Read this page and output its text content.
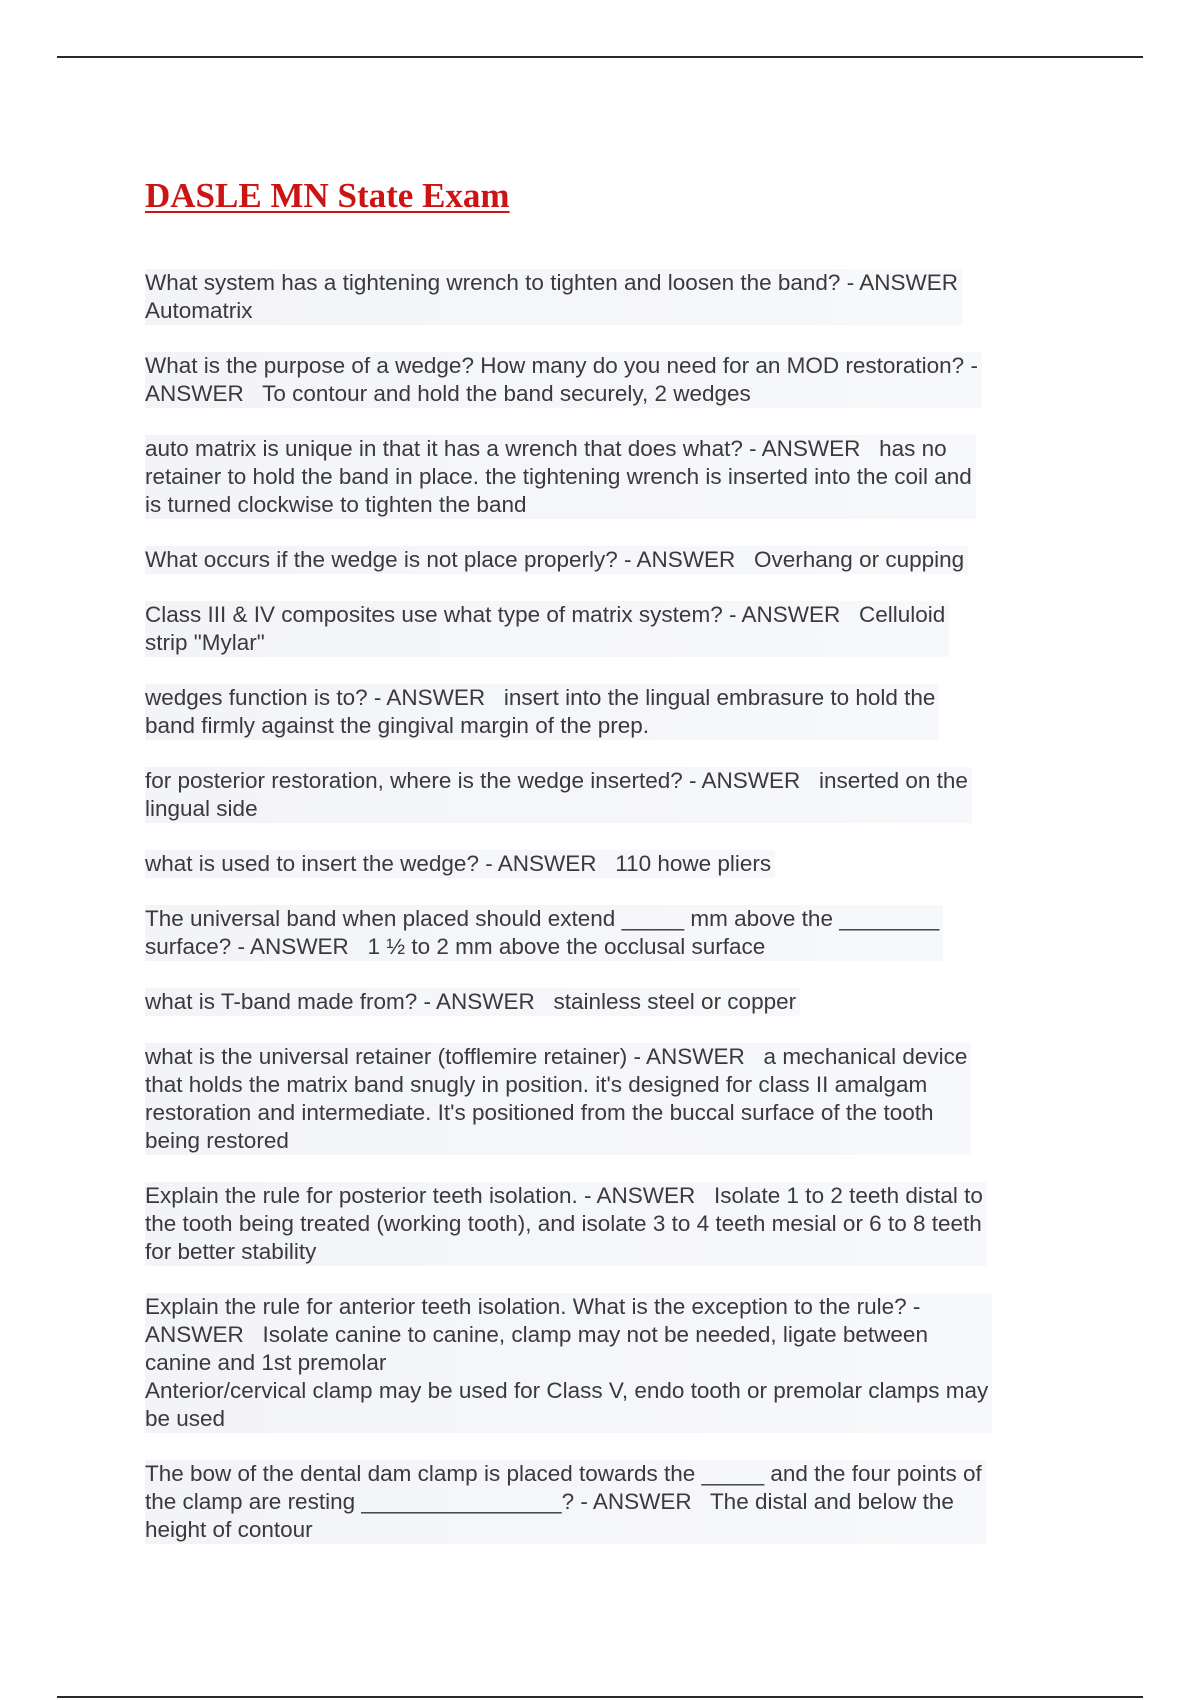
DASLE MN State Exam
What system has a tightening wrench to tighten and loosen the band? - ANSWER
Automatrix
What is the purpose of a wedge? How many do you need for an MOD restoration? -
ANSWER   To contour and hold the band securely, 2 wedges
auto matrix is unique in that it has a wrench that does what? - ANSWER   has no
retainer to hold the band in place. the tightening wrench is inserted into the coil and
is turned clockwise to tighten the band
What occurs if the wedge is not place properly? - ANSWER   Overhang or cupping
Class III & IV composites use what type of matrix system? - ANSWER   Celluloid
strip "Mylar"
wedges function is to? - ANSWER   insert into the lingual embrasure to hold the
band firmly against the gingival margin of the prep.
for posterior restoration, where is the wedge inserted? - ANSWER   inserted on the
lingual side
what is used to insert the wedge? - ANSWER   110 howe pliers
The universal band when placed should extend _____ mm above the ________
surface? - ANSWER   1 ½ to 2 mm above the occlusal surface
what is T-band made from? - ANSWER   stainless steel or copper
what is the universal retainer (tofflemire retainer) - ANSWER   a mechanical device
that holds the matrix band snugly in position. it's designed for class II amalgam
restoration and intermediate. It's positioned from the buccal surface of the tooth
being restored
Explain the rule for posterior teeth isolation. - ANSWER   Isolate 1 to 2 teeth distal to
the tooth being treated (working tooth), and isolate 3 to 4 teeth mesial or 6 to 8 teeth
for better stability
Explain the rule for anterior teeth isolation. What is the exception to the rule? -
ANSWER   Isolate canine to canine, clamp may not be needed, ligate between
canine and 1st premolar
Anterior/cervical clamp may be used for Class V, endo tooth or premolar clamps may
be used
The bow of the dental dam clamp is placed towards the _____ and the four points of
the clamp are resting ________________? - ANSWER   The distal and below the
height of contour
